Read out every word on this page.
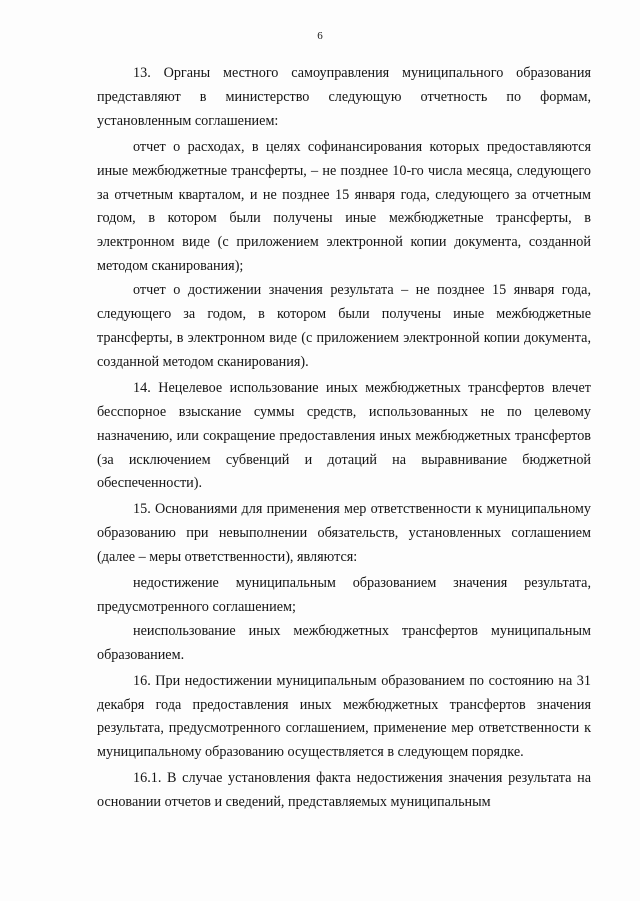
6

13. Органы местного самоуправления муниципального образования представляют в министерство следующую отчетность по формам, установленным соглашением:

отчет о расходах, в целях софинансирования которых предоставляются иные межбюджетные трансферты, – не позднее 10-го числа месяца, следующего за отчетным кварталом, и не позднее 15 января года, следующего за отчетным годом, в котором были получены иные межбюджетные трансферты, в электронном виде (с приложением электронной копии документа, созданной методом сканирования);

отчет о достижении значения результата – не позднее 15 января года, следующего за годом, в котором были получены иные межбюджетные трансферты, в электронном виде (с приложением электронной копии документа, созданной методом сканирования).

14. Нецелевое использование иных межбюджетных трансфертов влечет бесспорное взыскание суммы средств, использованных не по целевому назначению, или сокращение предоставления иных межбюджетных трансфертов (за исключением субвенций и дотаций на выравнивание бюджетной обеспеченности).

15. Основаниями для применения мер ответственности к муниципальному образованию при невыполнении обязательств, установленных соглашением (далее – меры ответственности), являются:

недостижение муниципальным образованием значения результата, предусмотренного соглашением;

неиспользование иных межбюджетных трансфертов муниципальным образованием.

16. При недостижении муниципальным образованием по состоянию на 31 декабря года предоставления иных межбюджетных трансфертов значения результата, предусмотренного соглашением, применение мер ответственности к муниципальному образованию осуществляется в следующем порядке.

16.1. В случае установления факта недостижения значения результата на основании отчетов и сведений, представляемых муниципальным
